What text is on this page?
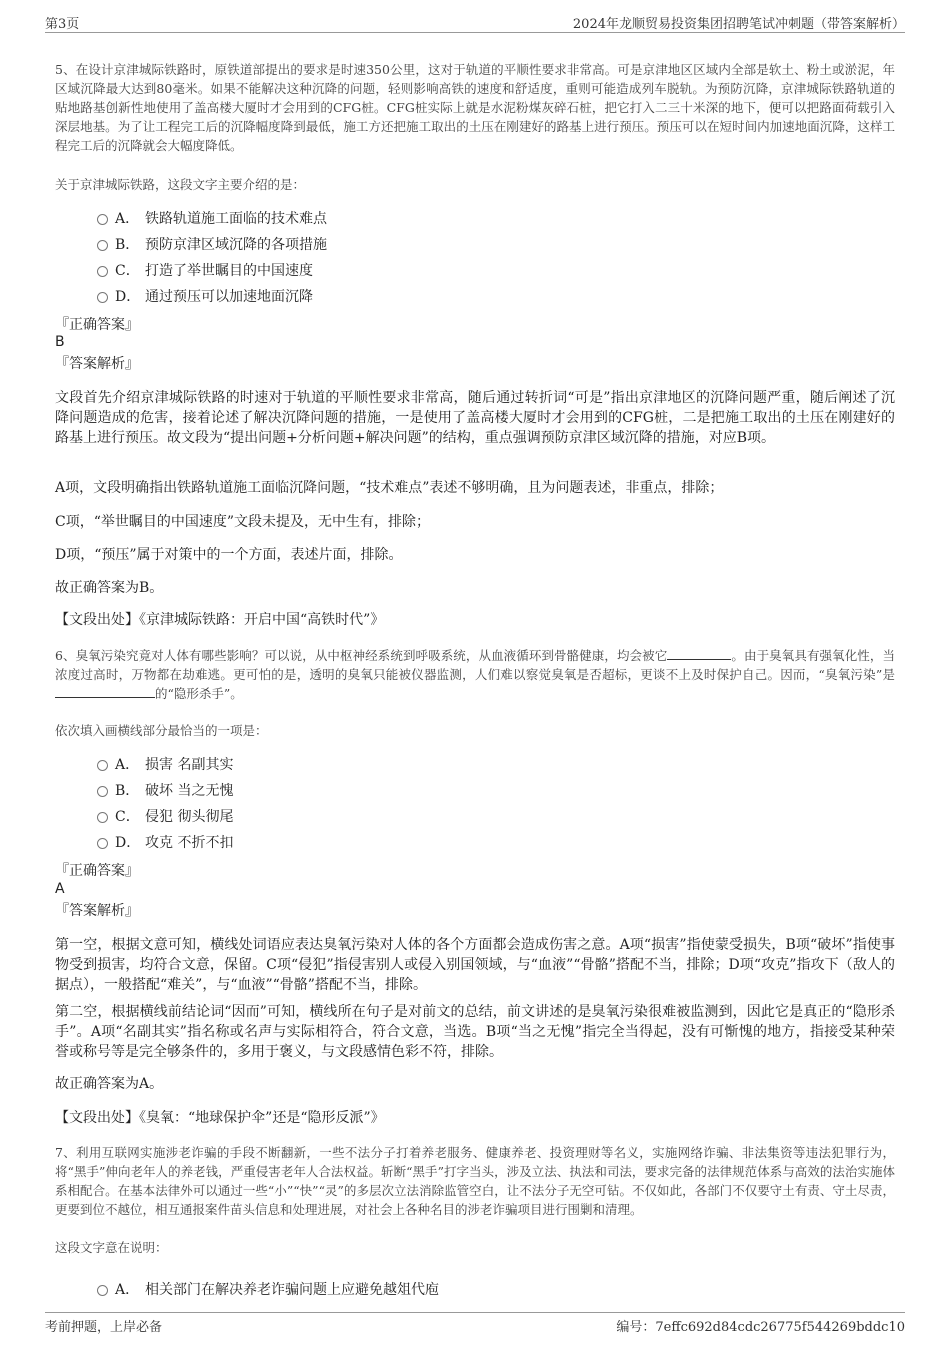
第3页	2024年龙顺贸易投资集团招聘笔试冲刺题（带答案解析）

5、在设计京津城际铁路时，原铁道部提出的要求是时速350公里，这对于轨道的平顺性要求非常高。可是京津地区区域内全部是软土、粉土或淤泥，年区域沉降最大达到80毫米。如果不能解决这种沉降的问题，轻则影响高铁的速度和舒适度，重则可能造成列车脱轨。为预防沉降，京津城际铁路轨道的贴地路基创新性地使用了盖高楼大厦时才会用到的CFG桩。CFG桩实际上就是水泥粉煤灰碎石桩，把它打入二三十米深的地下，便可以把路面荷载引入深层地基。为了让工程完工后的沉降幅度降到最低，施工方还把施工取出的土压在刚建好的路基上进行预压。预压可以在短时间内加速地面沉降，这样工程完工后的沉降就会大幅度降低。

关于京津城际铁路，这段文字主要介绍的是：

A． 铁路轨道施工面临的技术难点
B． 预防京津区域沉降的各项措施
C． 打造了举世瞩目的中国速度
D． 通过预压可以加速地面沉降

『正确答案』

B

『答案解析』

文段首先介绍京津城际铁路的时速对于轨道的平顺性要求非常高，随后通过转折词“可是”指出京津地区的沉降问题严重，随后阐述了沉降问题造成的危害，接着论述了解决沉降问题的措施，一是使用了盖高楼大厦时才会用到的CFG桩，二是把施工取出的土压在刚建好的路基上进行预压。故文段为“提出问题+分析问题+解决问题”的结构，重点强调预防京津区域沉降的措施，对应B项。

A项，文段明确指出铁路轨道施工面临沉降问题，“技术难点”表述不够明确，且为问题表述，非重点，排除；

C项，“举世瞩目的中国速度”文段未提及，无中生有，排除；

D项，“预压”属于对策中的一个方面，表述片面，排除。

故正确答案为B。

【文段出处】《京津城际铁路：开启中国“高铁时代”》

6、臭氧污染究竟对人体有哪些影响？可以说，从中枢神经系统到呼吸系统，从血液循环到骨骼健康，均会被它	。由于臭氧具有强氧化性，当浓度过高时，万物都在劫难逃。更可怕的是，透明的臭氧只能被仪器监测，人们难以察觉臭氧是否超标，更谈不上及时保护自己。因而，“臭氧污染”是的“隐形杀手”。

依次填入画横线部分最恰当的一项是：

A． 损害 名副其实
B． 破坏 当之无愧
C． 侵犯 彻头彻尾
D． 攻克 不折不扣

『正确答案』

A

『答案解析』

第一空，根据文意可知，横线处词语应表达臭氧污染对人体的各个方面都会造成伤害之意。A项“损害”指使蒙受损失，B项“破坏”指使事物受到损害，均符合文意，保留。C项“侵犯”指侵害别人或侵入别国领域，与“血液”“骨骼”搭配不当，排除；D项“攻克”指攻下（敌人的据点），一般搭配“难关”，与“血液”“骨骼”搭配不当，排除。

第二空，根据横线前结论词“因而”可知，横线所在句子是对前文的总结，前文讲述的是臭氧污染很难被监测到，因此它是真正的“隐形杀手”。A项“名副其实”指名称或名声与实际相符合，符合文意，当选。B项“当之无愧”指完全当得起，没有可惭愧的地方，指接受某种荣誉或称号等是完全够条件的，多用于褒义，与文段感情色彩不符，排除。

故正确答案为A。

【文段出处】《臭氧：“地球保护伞”还是“隐形反派”》

7、利用互联网实施涉老诈骗的手段不断翻新，一些不法分子打着养老服务、健康养老、投资理财等名义，实施网络诈骗、非法集资等违法犯罪行为，将“黑手”伸向老年人的养老钱，严重侵害老年人合法权益。斩断“黑手”打字当头，涉及立法、执法和司法，要求完备的法律规范体系与高效的法治实施体系相配合。在基本法律外可以通过一些“小”“快”“灵”的多层次立法消除监管空白，让不法分子无空可钻。不仅如此，各部门不仅要守土有责、守土尽责，更要到位不越位，相互通报案件苗头信息和处理进展，对社会上各种名目的涉老诈骗项目进行围剿和清理。

这段文字意在说明：

A． 相关部门在解决养老诈骗问题上应避免越俎代庖
考前押题，上岸必备	编号：7effc692d84cdc26775f544269bddc10
